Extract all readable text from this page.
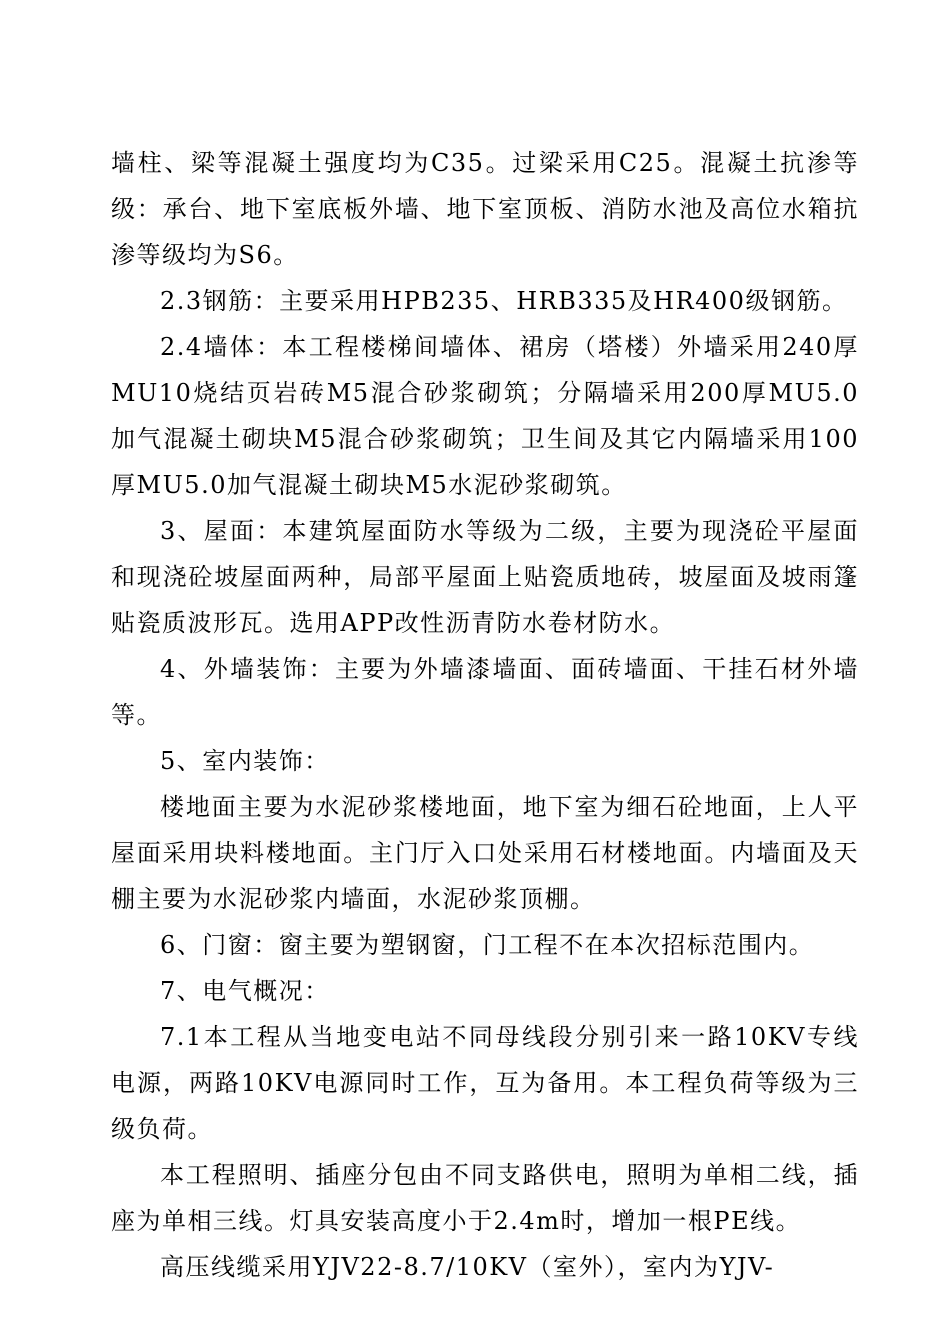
墙柱、梁等混凝土强度均为C35。过梁采用C25。混凝土抗渗等级：承台、地下室底板外墙、地下室顶板、消防水池及高位水箱抗渗等级均为S6。

2.3钢筋：主要采用HPB235、HRB335及HR400级钢筋。

2.4墙体：本工程楼梯间墙体、裙房（塔楼）外墙采用240厚MU10烧结页岩砖M5混合砂浆砌筑；分隔墙采用200厚MU5.0加气混凝土砌块M5混合砂浆砌筑；卫生间及其它内隔墙采用100厚MU5.0加气混凝土砌块M5水泥砂浆砌筑。

3、屋面：本建筑屋面防水等级为二级，主要为现浇砼平屋面和现浇砼坡屋面两种，局部平屋面上贴瓷质地砖，坡屋面及坡雨篷贴瓷质波形瓦。选用APP改性沥青防水卷材防水。

4、外墙装饰：主要为外墙漆墙面、面砖墙面、干挂石材外墙等。

5、室内装饰：

楼地面主要为水泥砂浆楼地面，地下室为细石砼地面，上人平屋面采用块料楼地面。主门厅入口处采用石材楼地面。内墙面及天棚主要为水泥砂浆内墙面，水泥砂浆顶棚。

6、门窗：窗主要为塑钢窗，门工程不在本次招标范围内。

7、电气概况：

7.1本工程从当地变电站不同母线段分别引来一路10KV专线电源，两路10KV电源同时工作，互为备用。本工程负荷等级为三级负荷。

本工程照明、插座分包由不同支路供电，照明为单相二线，插座为单相三线。灯具安装高度小于2.4m时，增加一根PE线。

高压线缆采用YJV22-8.7/10KV（室外），室内为YJV-
